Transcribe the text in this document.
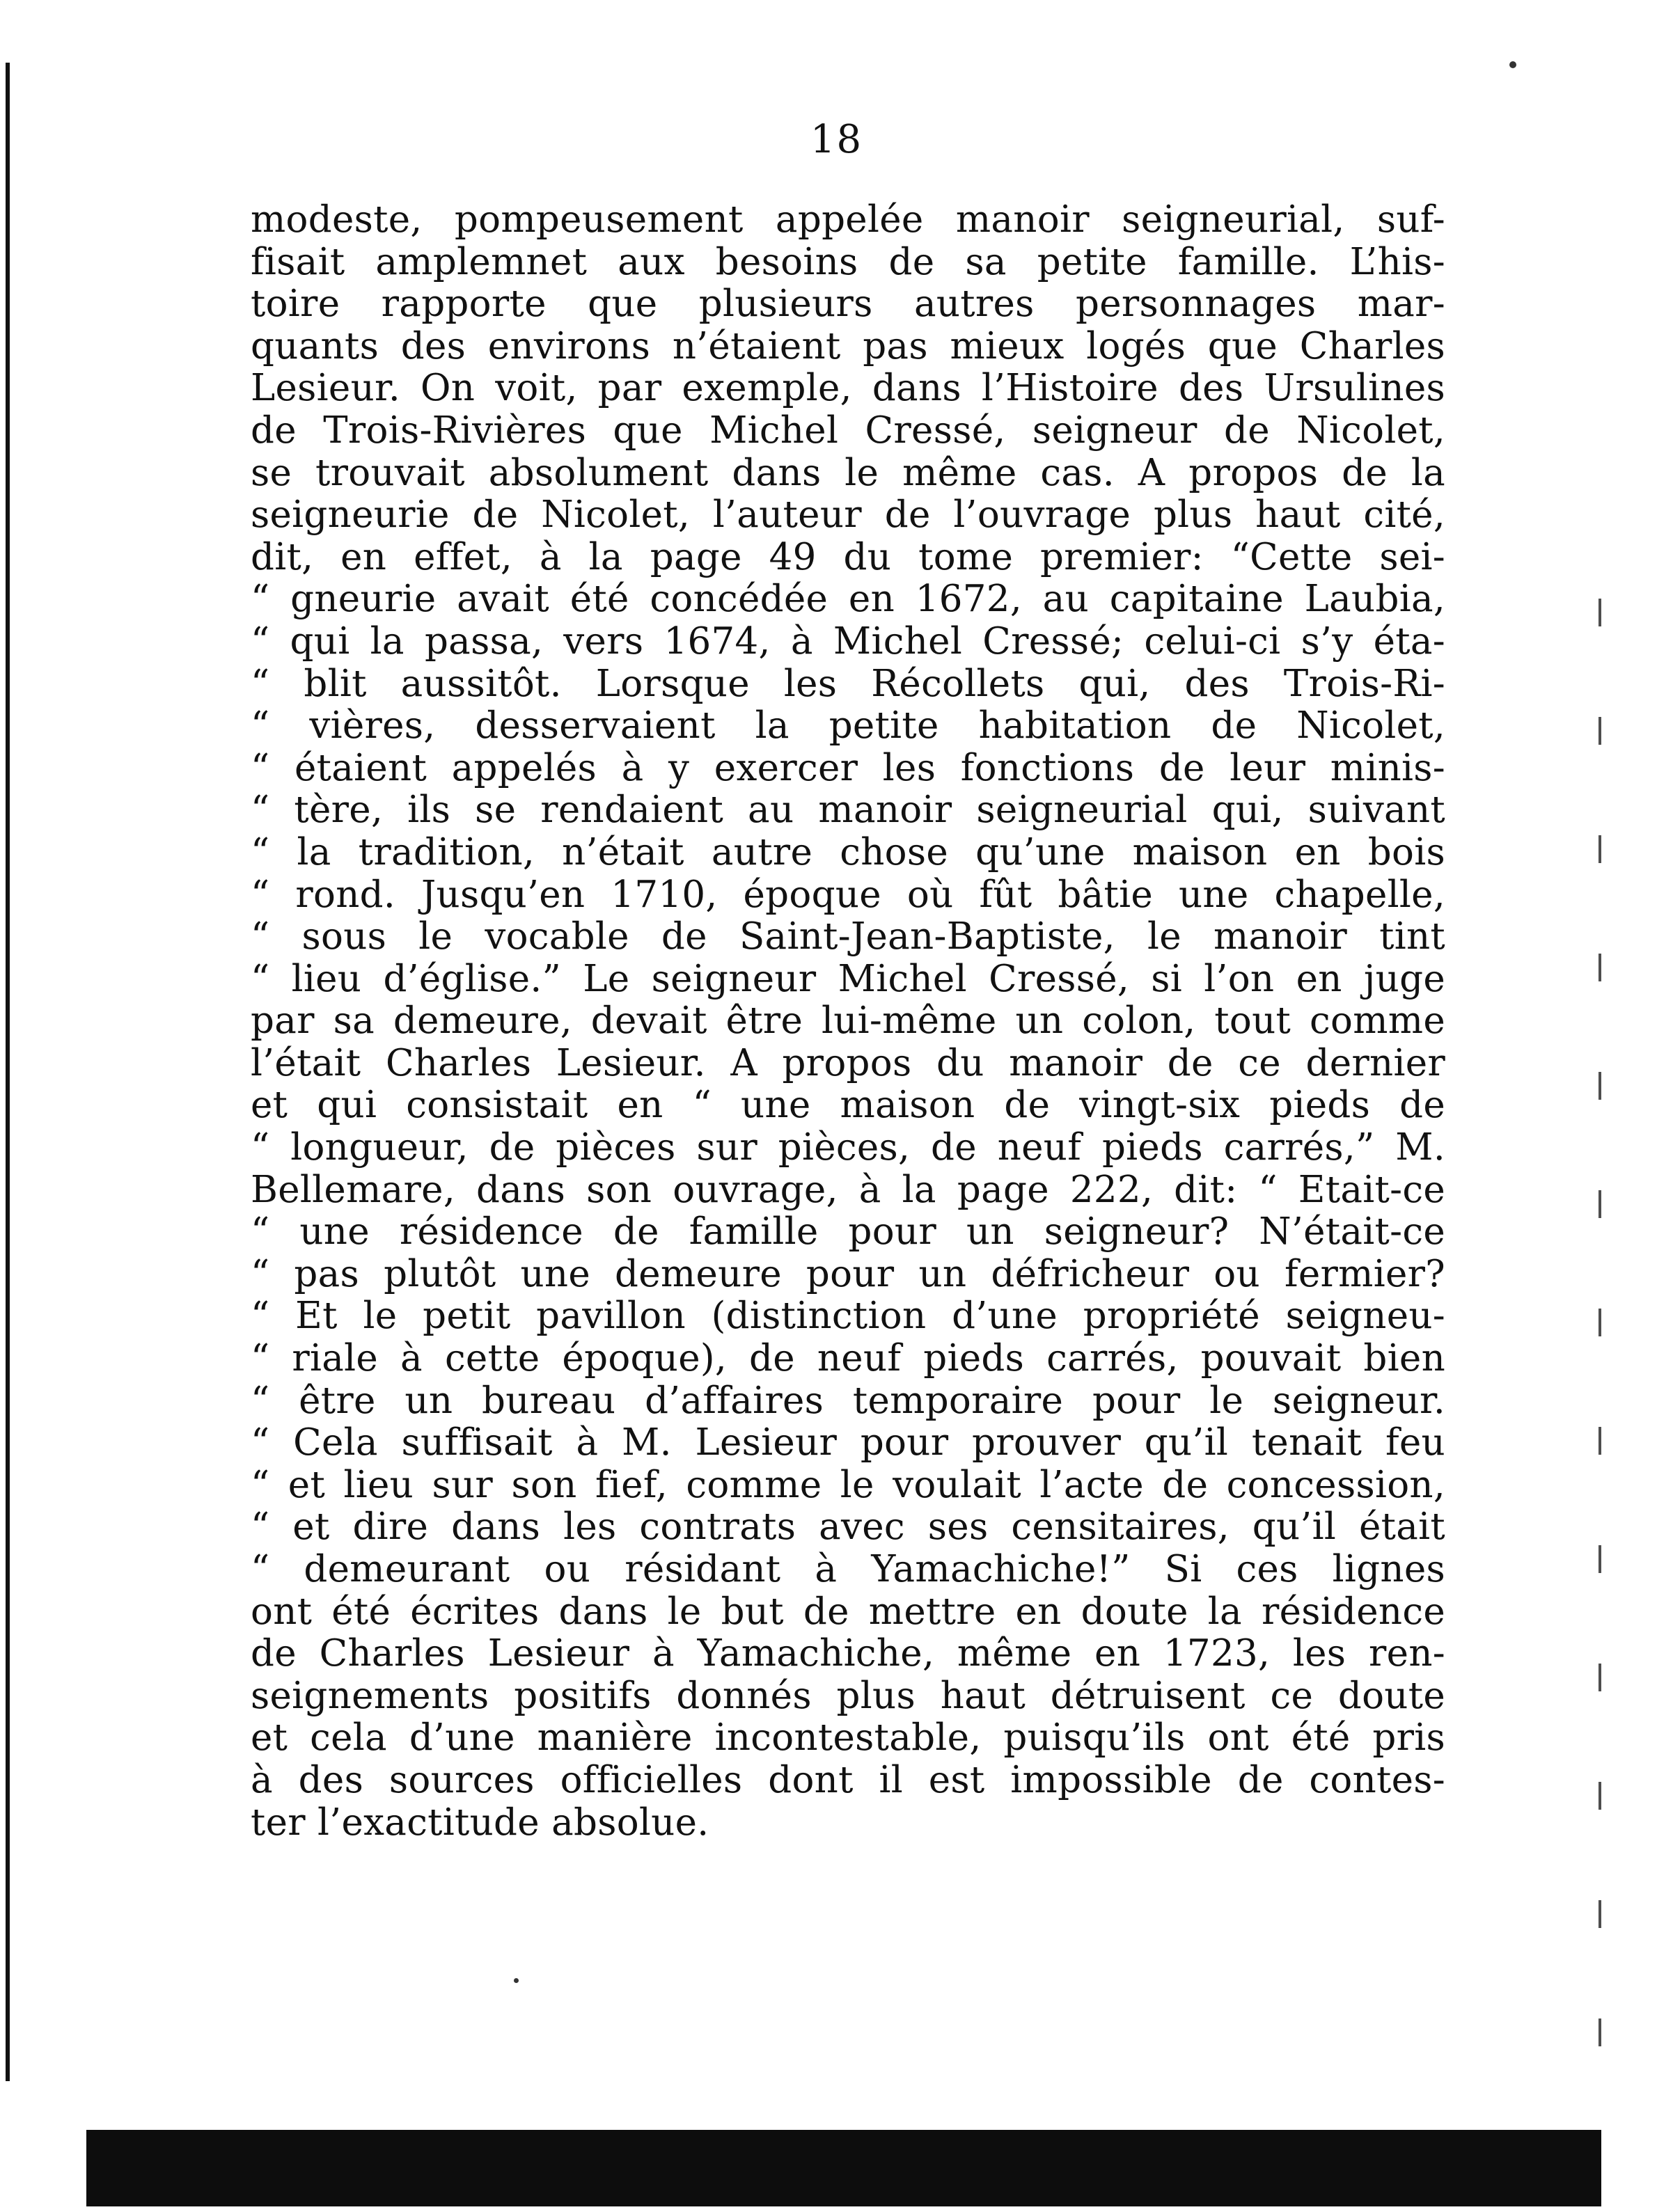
18
modeste, pompeusement appelée manoir seigneurial, suf-
fisait amplemnet aux besoins de sa petite famille. L’his-
toire rapporte que plusieurs autres personnages mar-
quants des environs n’étaient pas mieux logés que Charles
Lesieur. On voit, par exemple, dans l’Histoire des Ursulines
de Trois-Rivières que Michel Cressé, seigneur de Nicolet,
se trouvait absolument dans le même cas. A propos de la
seigneurie de Nicolet, l’auteur de l’ouvrage plus haut cité,
dit, en effet, à la page 49 du tome premier: “Cette sei-
“ gneurie avait été concédée en 1672, au capitaine Laubia,
“ qui la passa, vers 1674, à Michel Cressé; celui-ci s’y éta-
“ blit aussitôt. Lorsque les Récollets qui, des Trois-Ri-
“ vières, desservaient la petite habitation de Nicolet,
“ étaient appelés à y exercer les fonctions de leur minis-
“ tère, ils se rendaient au manoir seigneurial qui, suivant
“ la tradition, n’était autre chose qu’une maison en bois
“ rond. Jusqu’en 1710, époque où fût bâtie une chapelle,
“ sous le vocable de Saint-Jean-Baptiste, le manoir tint
“ lieu d’église.” Le seigneur Michel Cressé, si l’on en juge
par sa demeure, devait être lui-même un colon, tout comme
l’était Charles Lesieur. A propos du manoir de ce dernier
et qui consistait en “ une maison de vingt-six pieds de
“ longueur, de pièces sur pièces, de neuf pieds carrés,” M.
Bellemare, dans son ouvrage, à la page 222, dit: “ Etait-ce
“ une résidence de famille pour un seigneur? N’était-ce
“ pas plutôt une demeure pour un défricheur ou fermier?
“ Et le petit pavillon (distinction d’une propriété seigneu-
“ riale à cette époque), de neuf pieds carrés, pouvait bien
“ être un bureau d’affaires temporaire pour le seigneur.
“ Cela suffisait à M. Lesieur pour prouver qu’il tenait feu
“ et lieu sur son fief, comme le voulait l’acte de concession,
“ et dire dans les contrats avec ses censitaires, qu’il était
“ demeurant ou résidant à Yamachiche!” Si ces lignes
ont été écrites dans le but de mettre en doute la résidence
de Charles Lesieur à Yamachiche, même en 1723, les ren-
seignements positifs donnés plus haut détruisent ce doute
et cela d’une manière incontestable, puisqu’ils ont été pris
à des sources officielles dont il est impossible de contes-
ter l’exactitude absolue.
